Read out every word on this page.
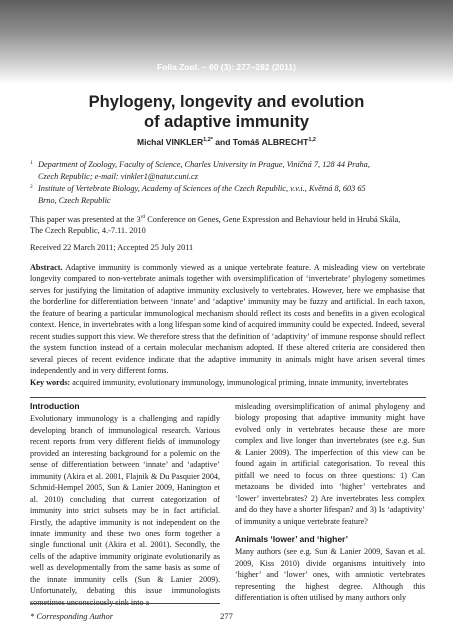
Folia Zool. – 60 (3): 277–282 (2011)
Phylogeny, longevity and evolution
of adaptive immunity
Michal $VINKLER^{1,2*}$ and Tomáš ALBRECHT$^{1,2}$
1 Department of Zoology, Faculty of Science, Charles University in Prague, Viničná 7, 128 44 Praha,
Czech Republic; e-mail: vinkler1@natur.cuni.cz
2 Institute of Vertebrate Biology, Academy of Sciences of the Czech Republic, v.v.i., Květná 8, 603 65
Brno, Czech Republic
This paper was presented at the 3rd Conference on Genes, Gene Expression and Behaviour held in Hrubá Skála,
The Czech Republic, 4.-7.11. 2010
Received 22 March 2011; Accepted 25 July 2011
Abstract. Adaptive immunity is commonly viewed as a unique vertebrate feature. A misleading view on vertebrate longevity compared to non-vertebrate animals together with oversimplification of ‘invertebrate’ phylogeny sometimes serves for justifying the limitation of adaptive immunity exclusively to vertebrates. However, here we emphasise that the borderline for differentiation between ‘innate’ and ‘adaptive’ immunity may be fuzzy and artificial. In each taxon, the feature of bearing a particular immunological mechanism should reflect its costs and benefits in a given ecological context. Hence, in invertebrates with a long lifespan some kind of acquired immunity could be expected. Indeed, several recent studies support this view. We therefore stress that the definition of ‘adaptivity’ of immune response should reflect the system function instead of a certain molecular mechanism adopted. If these altered criteria are considered then several pieces of recent evidence indicate that the adaptive immunity in animals might have arisen several times independently and in very different forms.
Key words: acquired immunity, evolutionary immunology, immunological priming, innate immunity, invertebrates
Introduction
Evolutionary immunology is a challenging and rapidly developing branch of immunological research. Various recent reports from very different fields of immunology provided an interesting background for a polemic on the sense of differentiation between ‘innate’ and ‘adaptive’ immunity (Akira et al. 2001, Flajnik & Du Pasquier 2004, Schmid-Hempel 2005, Sun & Lanier 2009, Hanington et al. 2010) concluding that current categorization of immunity into strict subsets may be in fact artificial. Firstly, the adaptive immunity is not independent on the innate immunity and these two ones form together a single functional unit (Akira et al. 2001). Secondly, the cells of the adaptive immunity originate evolutionarily as well as developmentally from the same basis as some of the innate immunity cells (Sun & Lanier 2009). Unfortunately, debating this issue immunologists sometimes unconsciously sink into a
misleading oversimplification of animal phylogeny and biology proposing that adaptive immunity might have evolved only in vertebrates because these are more complex and live longer than invertebrates (see e.g. Sun & Lanier 2009). The imperfection of this view can be found again in artificial categorisation. To reveal this pitfall we need to focus on three questions: 1) Can metazoans be divided into ‘higher’ vertebrates and ‘lower’ invertebrates? 2) Are invertebrates less complex and do they have a shorter lifespan? and 3) Is ‘adaptivity’ of immunity a unique vertebrate feature?
Animals ‘lower’ and ‘higher’
Many authors (see e.g. Sun & Lanier 2009, Savan et al. 2009, Kiss 2010) divide organisms intuitively into ‘higher’ and ‘lower’ ones, with amniotic vertebrates representing the highest degree. Although this differentiation is often utilised by many authors only
* Corresponding Author	277
